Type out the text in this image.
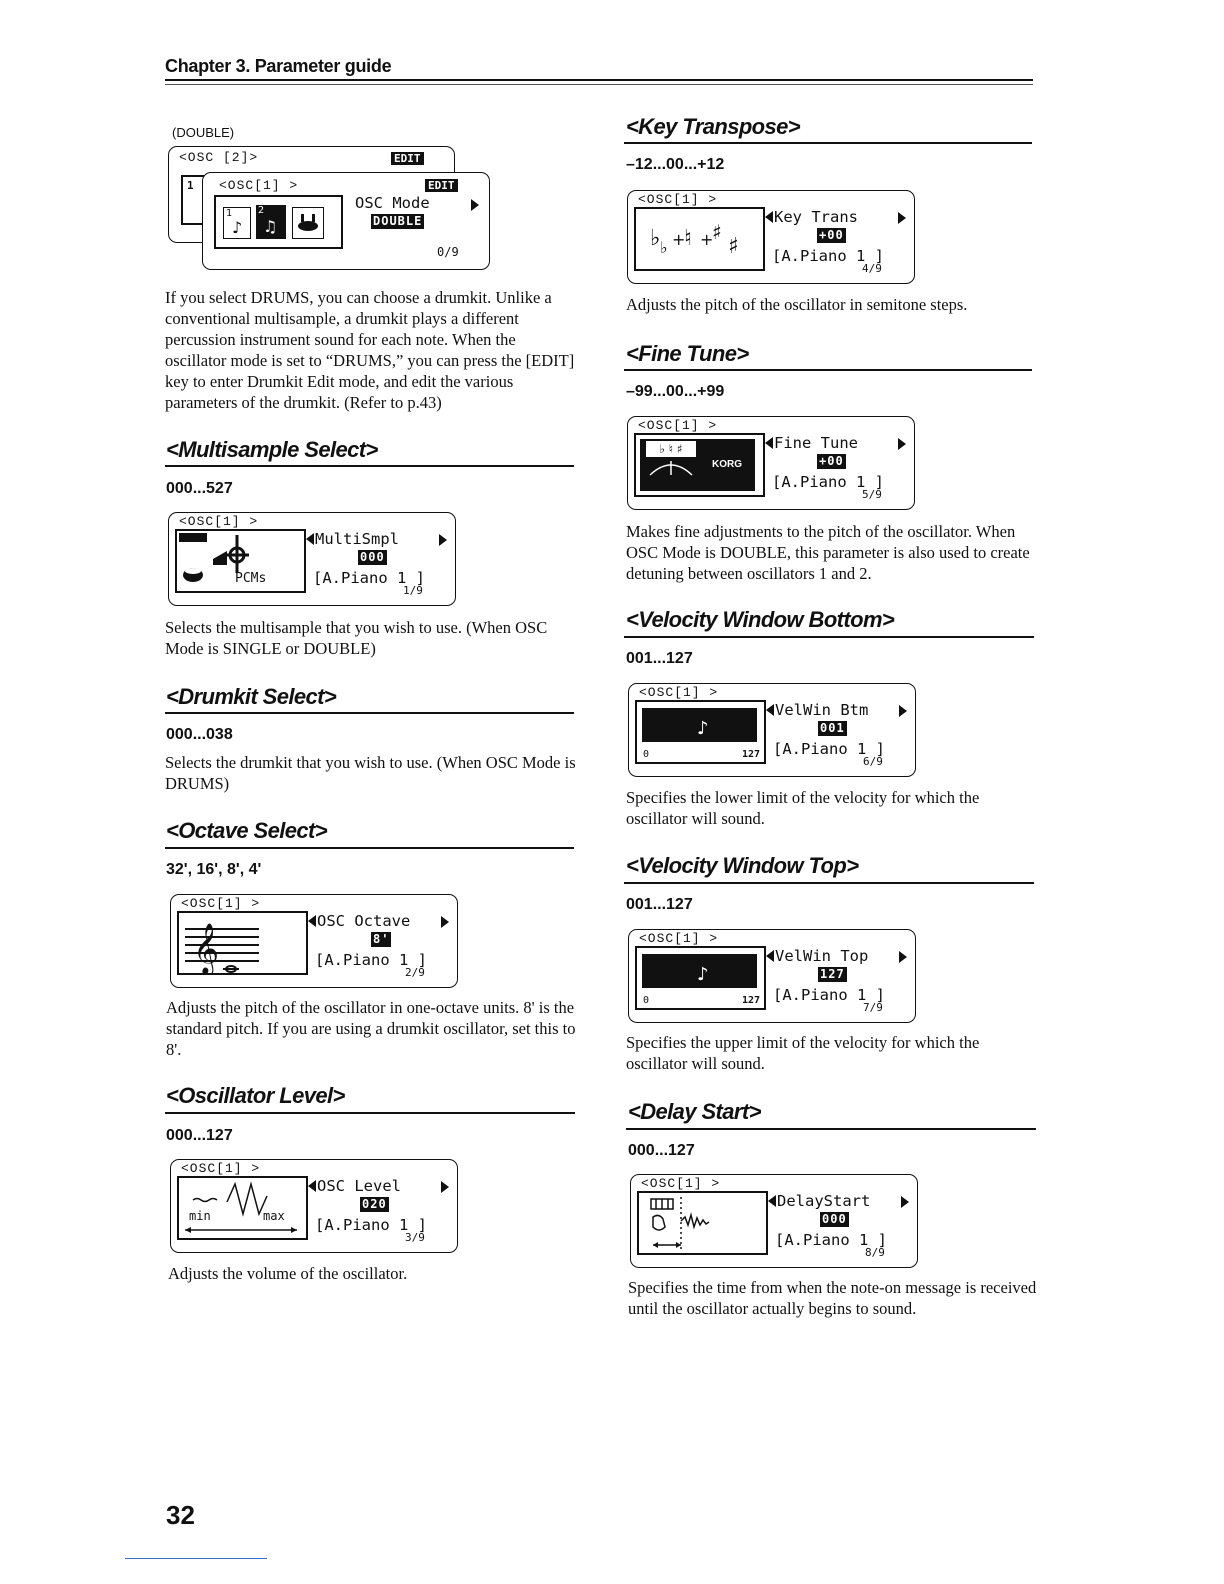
Chapter 3. Parameter guide
(DOUBLE)
<OSC [2]>	EDIT
1 <OSC[1] >	EDIT
1
♪
2
♫
OSC Mode
DOUBLE
0/9
If you select DRUMS, you can choose a drumkit. Unlike a conventional multisample, a drumkit plays a different percussion instrument sound for each note. When the oscillator mode is set to “DRUMS,” you can press the [EDIT] key to enter Drumkit Edit mode, and edit the various parameters of the drumkit. (Refer to p.43)
<Multisample Select>
000...527
<OSC[1] >
PCMs
MultiSmpl
000
[A.Piano 1 ]
1/9
Selects the multisample that you wish to use. (When OSC Mode is SINGLE or DOUBLE)
<Drumkit Select>
000...038
Selects the drumkit that you wish to use. (When OSC Mode is DRUMS)
<Octave Select>
32', 16', 8', 4'
<OSC[1] >
𝄞
OSC Octave
8'
[A.Piano 1 ]
2/9
Adjusts the pitch of the oscillator in one-octave units. 8' is the standard pitch. If you are using a drumkit oscillator, set this to 8'.
<Oscillator Level>
000...127
<OSC[1] >
min	max
OSC Level
020
[A.Piano 1 ]
3/9
Adjusts the volume of the oscillator.
<Key Transpose>
–12...00...+12
<OSC[1] >
♭ ♭ +
♮ +
♯
♯
Key Trans
+00
[A.Piano 1 ]
4/9
Adjusts the pitch of the oscillator in semitone steps.
<Fine Tune>
–99...00...+99
<OSC[1] >
♭ ♮ ♯
KORG
Fine Tune
+00
[A.Piano 1 ]
5/9
Makes fine adjustments to the pitch of the oscillator. When OSC Mode is DOUBLE, this parameter is also used to create detuning between oscillators 1 and 2.
<Velocity Window Bottom>
001...127
<OSC[1] >
♪
0	127
VelWin Btm
001
[A.Piano 1 ]
6/9
Specifies the lower limit of the velocity for which the oscillator will sound.
<Velocity Window Top>
001...127
<OSC[1] >
♪
0	127
VelWin Top
127
[A.Piano 1 ]
7/9
Specifies the upper limit of the velocity for which the oscillator will sound.
<Delay Start>
000...127
<OSC[1] >
DelayStart
000
[A.Piano 1 ]
8/9
Specifies the time from when the note-on message is received until the oscillator actually begins to sound.
32
